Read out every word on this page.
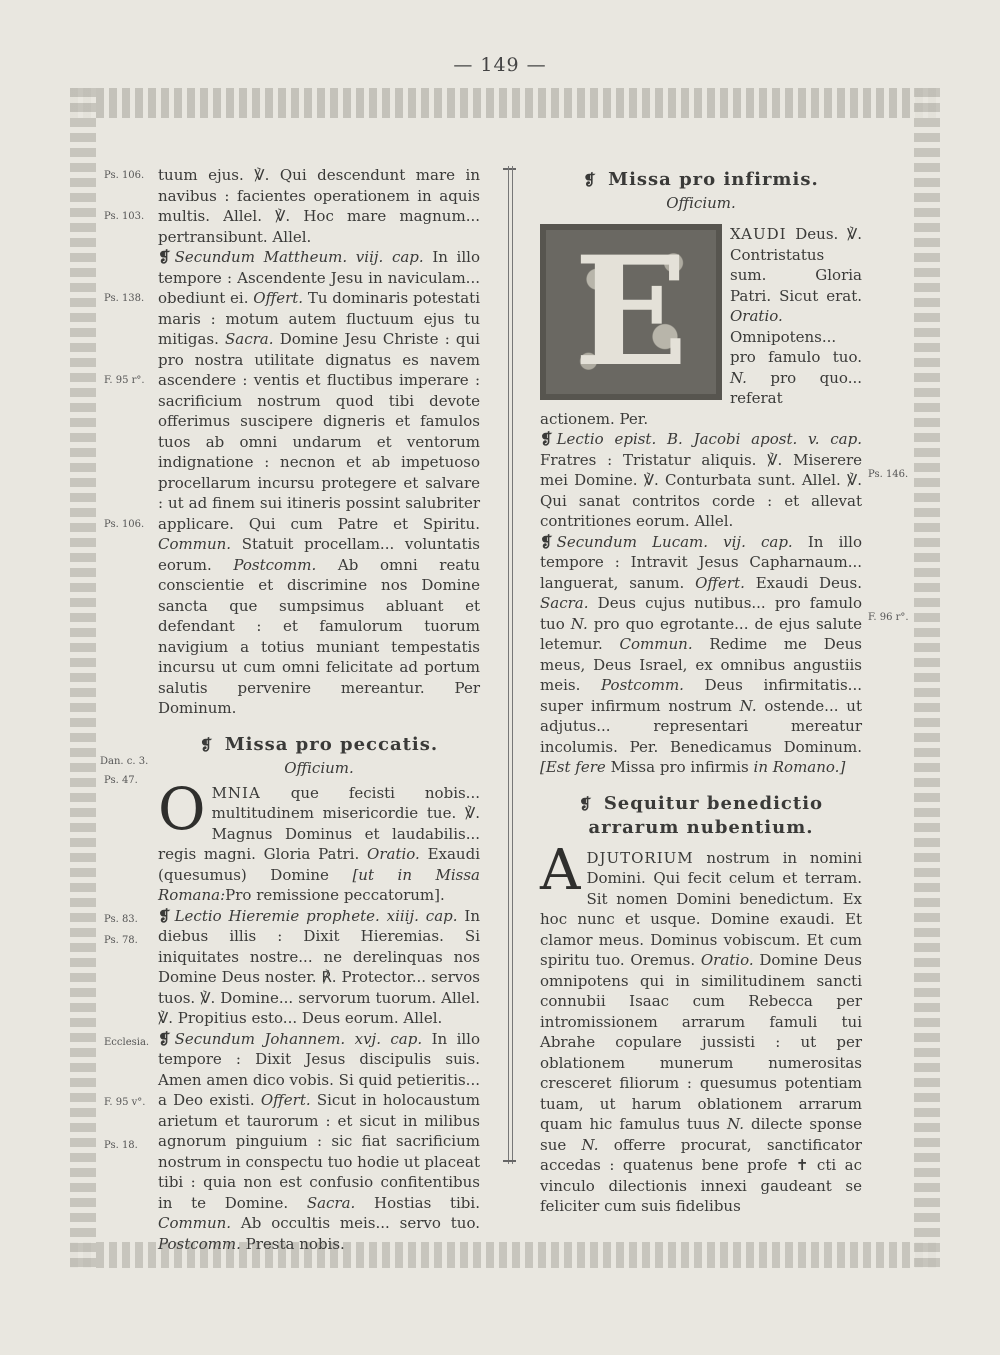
— 149 —

tuum ejus. ℣. Qui descendunt mare in navibus : facientes operationem in aquis multis. Allel. ℣. Hoc mare magnum... pertransibunt. Allel.

❡ Secundum Mattheum. viij. cap. In illo tempore : Ascendente Jesu in naviculam... obediunt ei. Offert. Tu dominaris potestati maris : motum autem fluctuum ejus tu mitigas. Sacra. Domine Jesu Christe : qui pro nostra utilitate dignatus es navem ascendere : ventis et fluctibus imperare : sacrificium nostrum quod tibi devote offerimus suscipere digneris et famulos tuos ab omni undarum et ventorum indignatione : necnon et ab impetuoso procellarum incursu protegere et salvare : ut ad finem sui itineris possint salubriter applicare. Qui cum Patre et Spiritu. Commun. Statuit procellam... voluntatis eorum. Postcomm. Ab omni reatu conscientie et discrimine nos Domine sancta que sumpsimus abluant et defendant : et famulorum tuorum navigium a totius muniant tempestatis incursu ut cum omni felicitate ad portum salutis pervenire mereantur. Per Dominum.

❡ Missa pro peccatis.

Officium.

O MNIA que fecisti nobis... multitudinem misericordie tue. ℣. Magnus Dominus et laudabilis... regis magni. Gloria Patri. Oratio. Exaudi (quesumus) Domine [ut in Missa Romana:Pro remissione peccatorum].

❡ Lectio Hieremie prophete. xiiij. cap. In diebus illis : Dixit Hieremias. Si iniquitates nostre... ne derelinquas nos Domine Deus noster. ℟. Protector... servos tuos. ℣. Domine... servorum tuorum. Allel. ℣. Propitius esto... Deus eorum. Allel.

❡ Secundum Johannem. xvj. cap. In illo tempore : Dixit Jesus discipulis suis. Amen amen dico vobis. Si quid petieritis... a Deo existi. Offert. Sicut in holocaustum arietum et taurorum : et sicut in milibus agnorum pinguium : sic fiat sacrificium nostrum in conspectu tuo hodie ut placeat tibi : quia non est confusio confitentibus in te Domine. Sacra. Hostias tibi. Commun. Ab occultis meis... servo tuo. Postcomm. Presta nobis.

Ps. 106.
Ps. 103.
Ps. 138.
F. 95 r°.
Ps. 106.
Dan. c. 3.
Ps. 47.
Ps. 83.
Ps. 78.
Ecclesia.
F. 95 v°.
Ps. 18.

❡ Missa pro infirmis.

Officium.

E	XAUDI Deus. ℣. Contristatus sum. Gloria Patri. Sicut erat. Oratio. Omnipotens... pro famulo tuo. N. pro quo... referat actionem. Per.

❡ Lectio epist. B. Jacobi apost. v. cap. Fratres : Tristatur aliquis. ℣. Miserere mei Domine. ℣. Conturbata sunt. Allel. ℣. Qui sanat contritos corde : et allevat contritiones eorum. Allel.

❡ Secundum Lucam. vij. cap. In illo tempore : Intravit Jesus Capharnaum... languerat, sanum. Offert. Exaudi Deus. Sacra. Deus cujus nutibus... pro famulo tuo N. pro quo egrotante... de ejus salute letemur. Commun. Redime me Deus meus, Deus Israel, ex omnibus angustiis meis. Postcomm. Deus infirmitatis... super infirmum nostrum N. ostende... ut adjutus... representari mereatur incolumis. Per. Benedicamus Dominum. [Est fere Missa pro infirmis in Romano.]

❡ Sequitur benedictio arrarum nubentium.

A DJUTORIUM nostrum in nomini Domini. Qui fecit celum et terram. Sit nomen Domini benedictum. Ex hoc nunc et usque. Domine exaudi. Et clamor meus. Dominus vobiscum. Et cum spiritu tuo. Oremus. Oratio. Domine Deus omnipotens qui in similitudinem sancti connubii Isaac cum Rebecca per intromissionem arrarum famuli tui Abrahe copulare jussisti : ut per oblationem munerum numerositas cresceret filiorum : quesumus potentiam tuam, ut harum oblationem arrarum quam hic famulus tuus N. dilecte sponse sue N. offerre procurat, sanctificator accedas : quatenus bene profe ✝ cti ac vinculo dilectionis innexi gaudeant se feliciter cum suis fidelibus

Ps. 146.
F. 96 r°.
